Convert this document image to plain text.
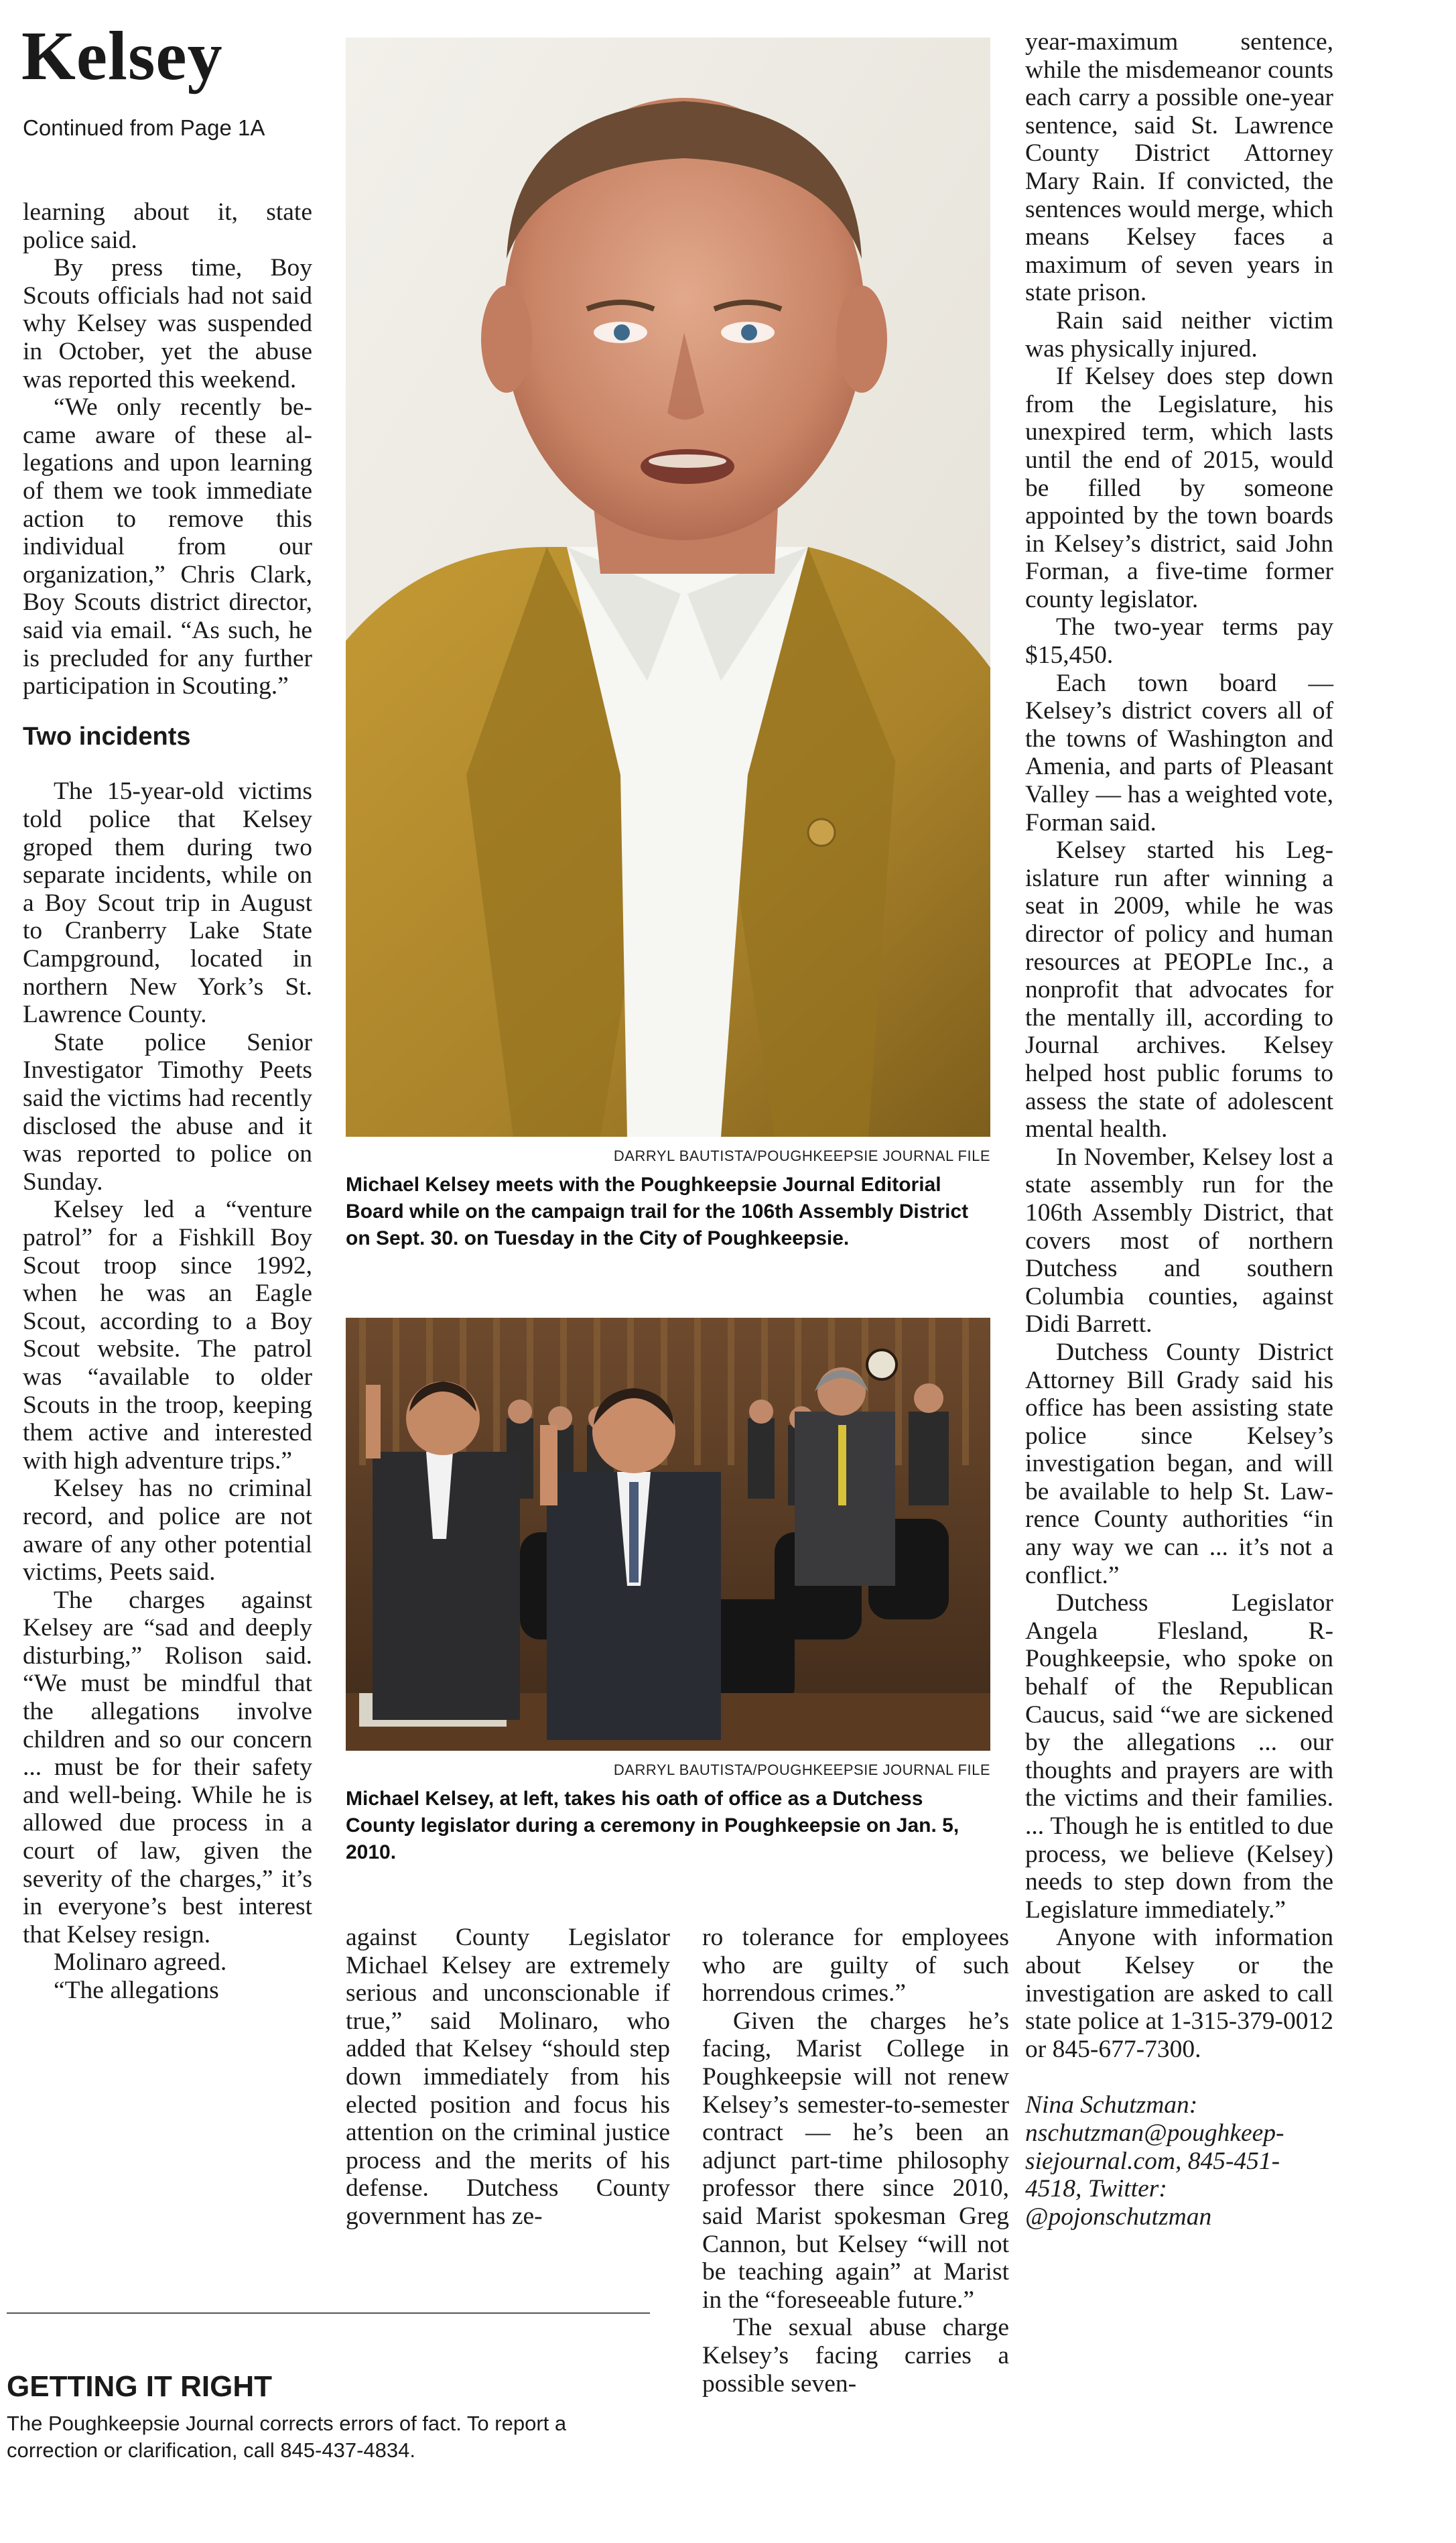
Kelsey
Continued from Page 1A

learning about it, state police said.

By press time, Boy Scouts officials had not said why Kelsey was suspended in October, yet the abuse was reported this weekend.

“We only recently became aware of these allegations and upon learning of them we took immediate action to remove this individual from our organization,” Chris Clark, Boy Scouts district director, said via email. “As such, he is precluded for any further participation in Scouting.”

Two incidents

The 15-year-old victims told police that Kelsey groped them during two separate incidents, while on a Boy Scout trip in August to Cranberry Lake State Campground, located in northern New York’s St. Lawrence County.

State police Senior Investigator Timothy Peets said the victims had recently disclosed the abuse and it was reported to police on Sunday.

Kelsey led a “venture patrol” for a Fishkill Boy Scout troop since 1992, when he was an Eagle Scout, according to a Boy Scout website. The patrol was “available to older Scouts in the troop, keeping them active and interested with high adventure trips.”

Kelsey has no criminal record, and police are not aware of any other potential victims, Peets said.

The charges against Kelsey are “sad and deeply disturbing,” Rolison said. “We must be mindful that the allegations involve children and so our concern ... must be for their safety and well-being. While he is allowed due process in a court of law, given the severity of the charges,” it’s in everyone’s best interest that Kelsey resign.

Molinaro agreed.

“The allegations

DARRYL BAUTISTA/POUGHKEEPSIE JOURNAL FILE
Michael Kelsey meets with the Poughkeepsie Journal Editorial Board while on the campaign trail for the 106th Assembly District on Sept. 30. on Tuesday in the City of Poughkeepsie.
DARRYL BAUTISTA/POUGHKEEPSIE JOURNAL FILE
Michael Kelsey, at left, takes his oath of office as a Dutchess County legislator during a ceremony in Poughkeepsie on Jan. 5, 2010.

against County Legislator Michael Kelsey are extremely serious and unconscionable if true,” said Molinaro, who added that Kelsey “should step down immediately from his elected position and focus his attention on the criminal justice process and the merits of his defense. Dutchess County government has ze-

ro tolerance for employees who are guilty of such horrendous crimes.”

Given the charges he’s facing, Marist College in Poughkeepsie will not renew Kelsey’s semester-to-semester contract — he’s been an adjunct part-time philosophy professor there since 2010, said Marist spokesman Greg Cannon, but Kelsey “will not be teaching again” at Marist in the “foreseeable future.”

The sexual abuse charge Kelsey’s facing carries a possible seven-

year-maximum sentence, while the misdemeanor counts each carry a possible one-year sentence, said St. Lawrence County District Attorney Mary Rain. If convicted, the sentences would merge, which means Kelsey faces a maximum of seven years in state prison.

Rain said neither victim was physically injured.

If Kelsey does step down from the Legislature, his unexpired term, which lasts until the end of 2015, would be filled by someone appointed by the town boards in Kelsey’s district, said John Forman, a five-time former county legislator.

The two-year terms pay $15,450.

Each town board — Kelsey’s district covers all of the towns of Washington and Amenia, and parts of Pleasant Valley — has a weighted vote, Forman said.

Kelsey started his Legislature run after winning a seat in 2009, while he was director of policy and human resources at PEOPLe Inc., a nonprofit that advocates for the mentally ill, according to Journal archives. Kelsey helped host public forums to assess the state of adolescent mental health.

In November, Kelsey lost a state assembly run for the 106th Assembly District, that covers most of northern Dutchess and southern Columbia counties, against Didi Barrett.

Dutchess County District Attorney Bill Grady said his office has been assisting state police since Kelsey’s investigation began, and will be available to help St. Lawrence County authorities “in any way we can ... it’s not a conflict.”

Dutchess Legislator Angela Flesland, R-Poughkeepsie, who spoke on behalf of the Republican Caucus, said “we are sickened by the allegations ... our thoughts and prayers are with the victims and their families. ... Though he is entitled to due process, we believe (Kelsey) needs to step down from the Legislature immediately.”

Anyone with information about Kelsey or the investigation are asked to call state police at 1-315-379-0012 or 845-677-7300.

Nina Schutzman: nschutzman@poughkeepsiejournal.com, 845-451-4518, Twitter: @pojonschutzman

GETTING IT RIGHT
The Poughkeepsie Journal corrects errors of fact. To report a correction or clarification, call 845-437-4834.
